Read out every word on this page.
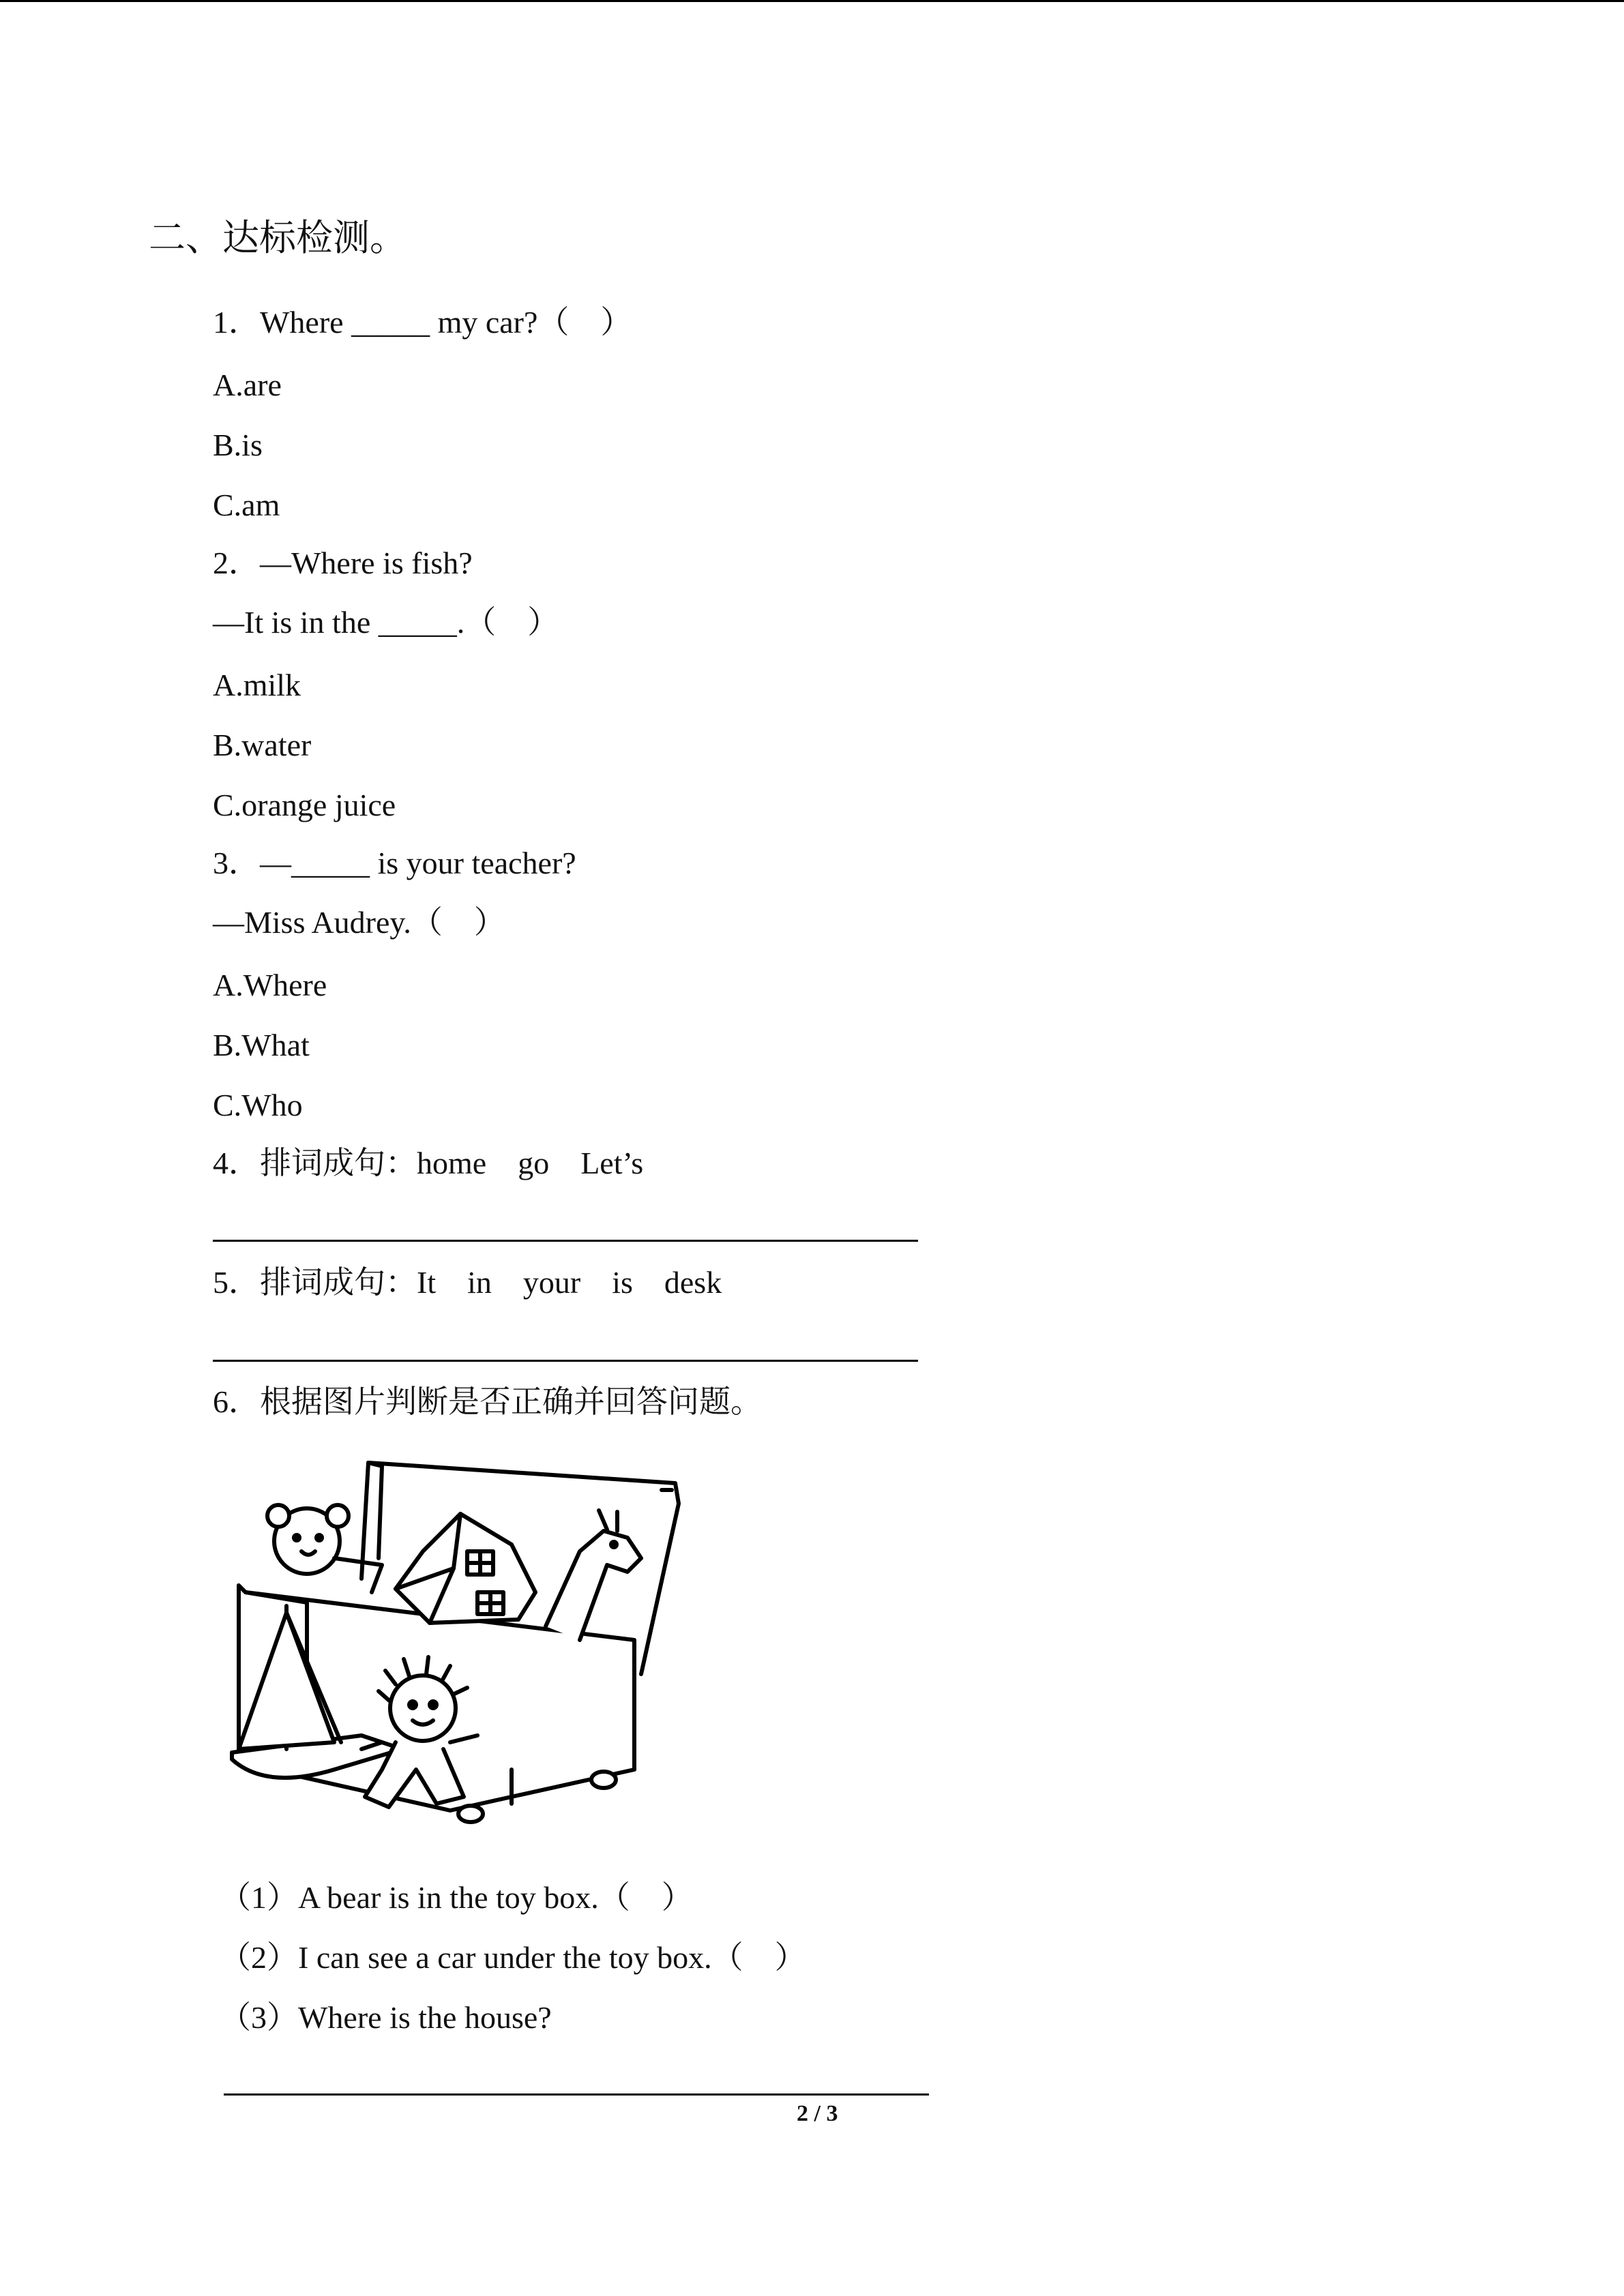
二、达标检测。
1．Where _____ my car?（　）
A.are
B.is
C.am
2．—Where is fish?
—It is in the _____.（　）
A.milk
B.water
C.orange juice
3．—_____ is your teacher?
—Miss Audrey.（　）
A.Where
B.What
C.Who
4．排词成句：home　go　Let’s
5．排词成句：It　in　your　is　desk
6．根据图片判断是否正确并回答问题。
（1）A bear is in the toy box.（　）
（2）I can see a car under the toy box.（　）
（3）Where is the house?
2 / 3
